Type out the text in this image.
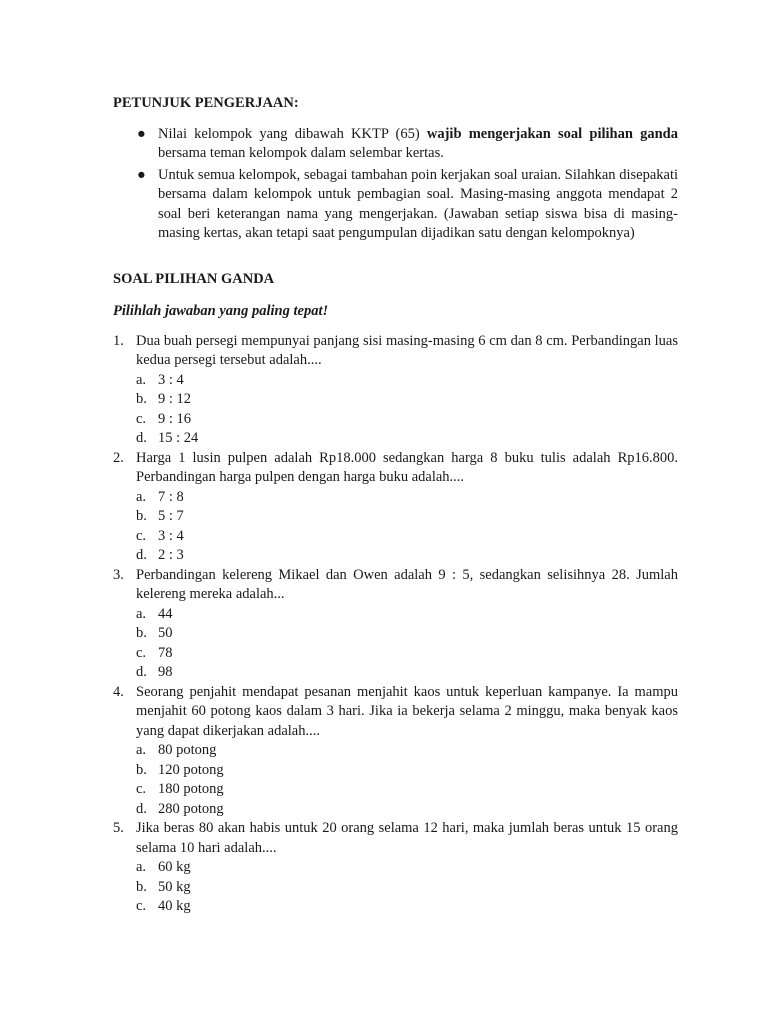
PETUNJUK PENGERJAAN:

● Nilai kelompok yang dibawah KKTP (65) wajib mengerjakan soal pilihan ganda bersama teman kelompok dalam selembar kertas.
● Untuk semua kelompok, sebagai tambahan poin kerjakan soal uraian. Silahkan disepakati bersama dalam kelompok untuk pembagian soal. Masing-masing anggota mendapat 2 soal beri keterangan nama yang mengerjakan. (Jawaban setiap siswa bisa di masing-masing kertas, akan tetapi saat pengumpulan dijadikan satu dengan kelompoknya)

SOAL PILIHAN GANDA

Pilihlah jawaban yang paling tepat!

1. Dua buah persegi mempunyai panjang sisi masing-masing 6 cm dan 8 cm. Perbandingan luas kedua persegi tersebut adalah....
a. 3 : 4
b. 9 : 12
c. 9 : 16
d. 15 : 24
2. Harga 1 lusin pulpen adalah Rp18.000 sedangkan harga 8 buku tulis adalah Rp16.800. Perbandingan harga pulpen dengan harga buku adalah....
a. 7 : 8
b. 5 : 7
c. 3 : 4
d. 2 : 3
3. Perbandingan kelereng Mikael dan Owen adalah 9 : 5, sedangkan selisihnya 28. Jumlah kelereng mereka adalah...
a. 44
b. 50
c. 78
d. 98
4. Seorang penjahit mendapat pesanan menjahit kaos untuk keperluan kampanye. Ia mampu menjahit 60 potong kaos dalam 3 hari. Jika ia bekerja selama 2 minggu, maka benyak kaos yang dapat dikerjakan adalah....
a. 80 potong
b. 120 potong
c. 180 potong
d. 280 potong
5. Jika beras 80 akan habis untuk 20 orang selama 12 hari, maka jumlah beras untuk 15 orang selama 10 hari adalah....
a. 60 kg
b. 50 kg
c. 40 kg
